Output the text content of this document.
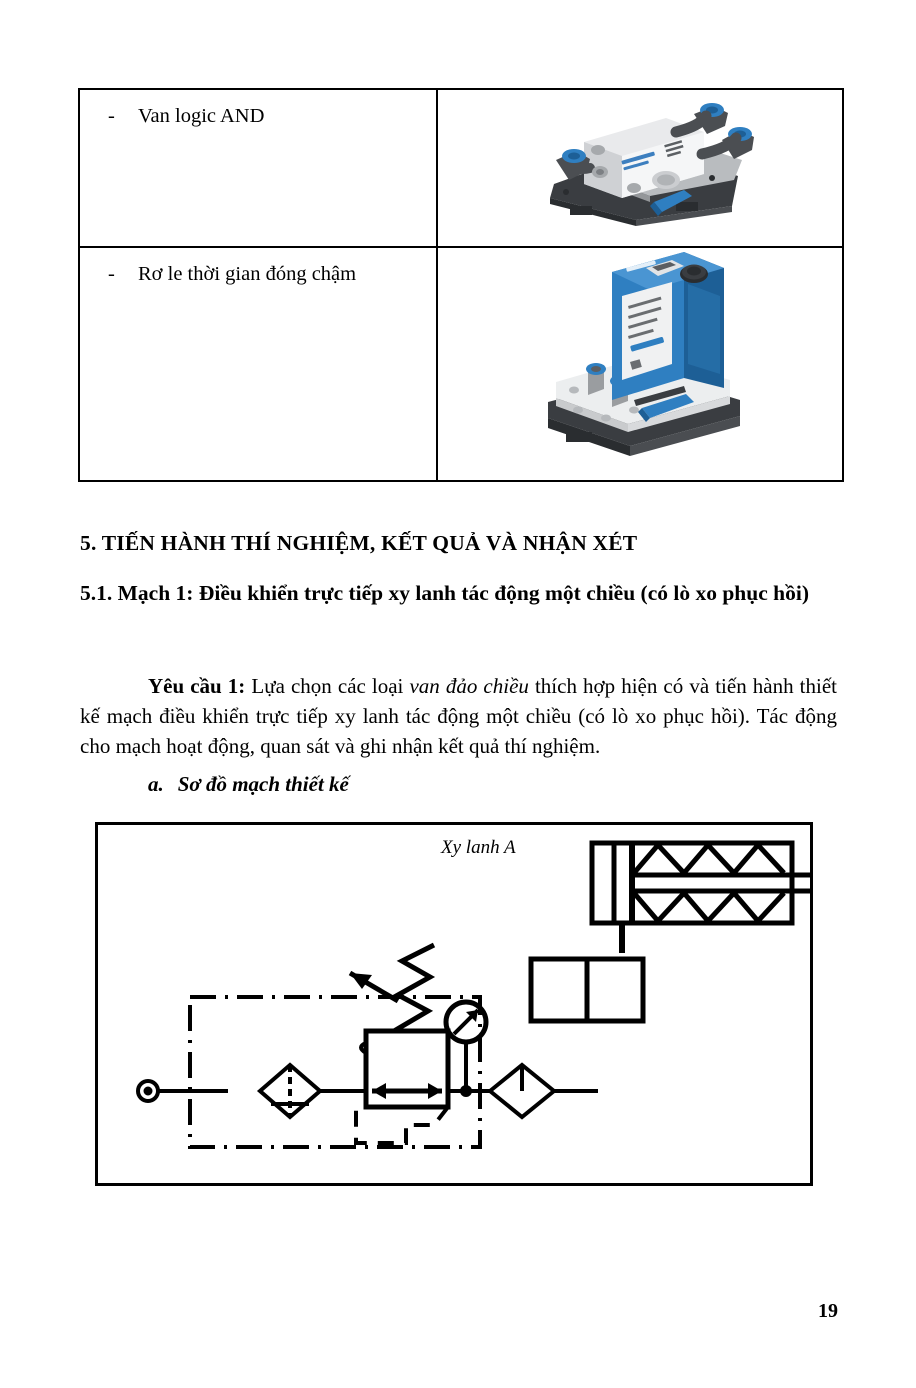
- Van logic AND

- Rơ le thời gian đóng chậm

5. TIẾN HÀNH THÍ NGHIỆM, KẾT QUẢ VÀ NHẬN XÉT
5.1. Mạch 1: Điều khiển trực tiếp xy lanh tác động một chiều (có lò xo phục hồi)

Yêu cầu 1: Lựa chọn các loại van đảo chiều thích hợp hiện có và tiến hành thiết kế mạch điều khiển trực tiếp xy lanh tác động một chiều (có lò xo phục hồi). Tác động cho mạch hoạt động, quan sát và ghi nhận kết quả thí nghiệm.

a. Sơ đồ mạch thiết kế
Xy lanh A
19
